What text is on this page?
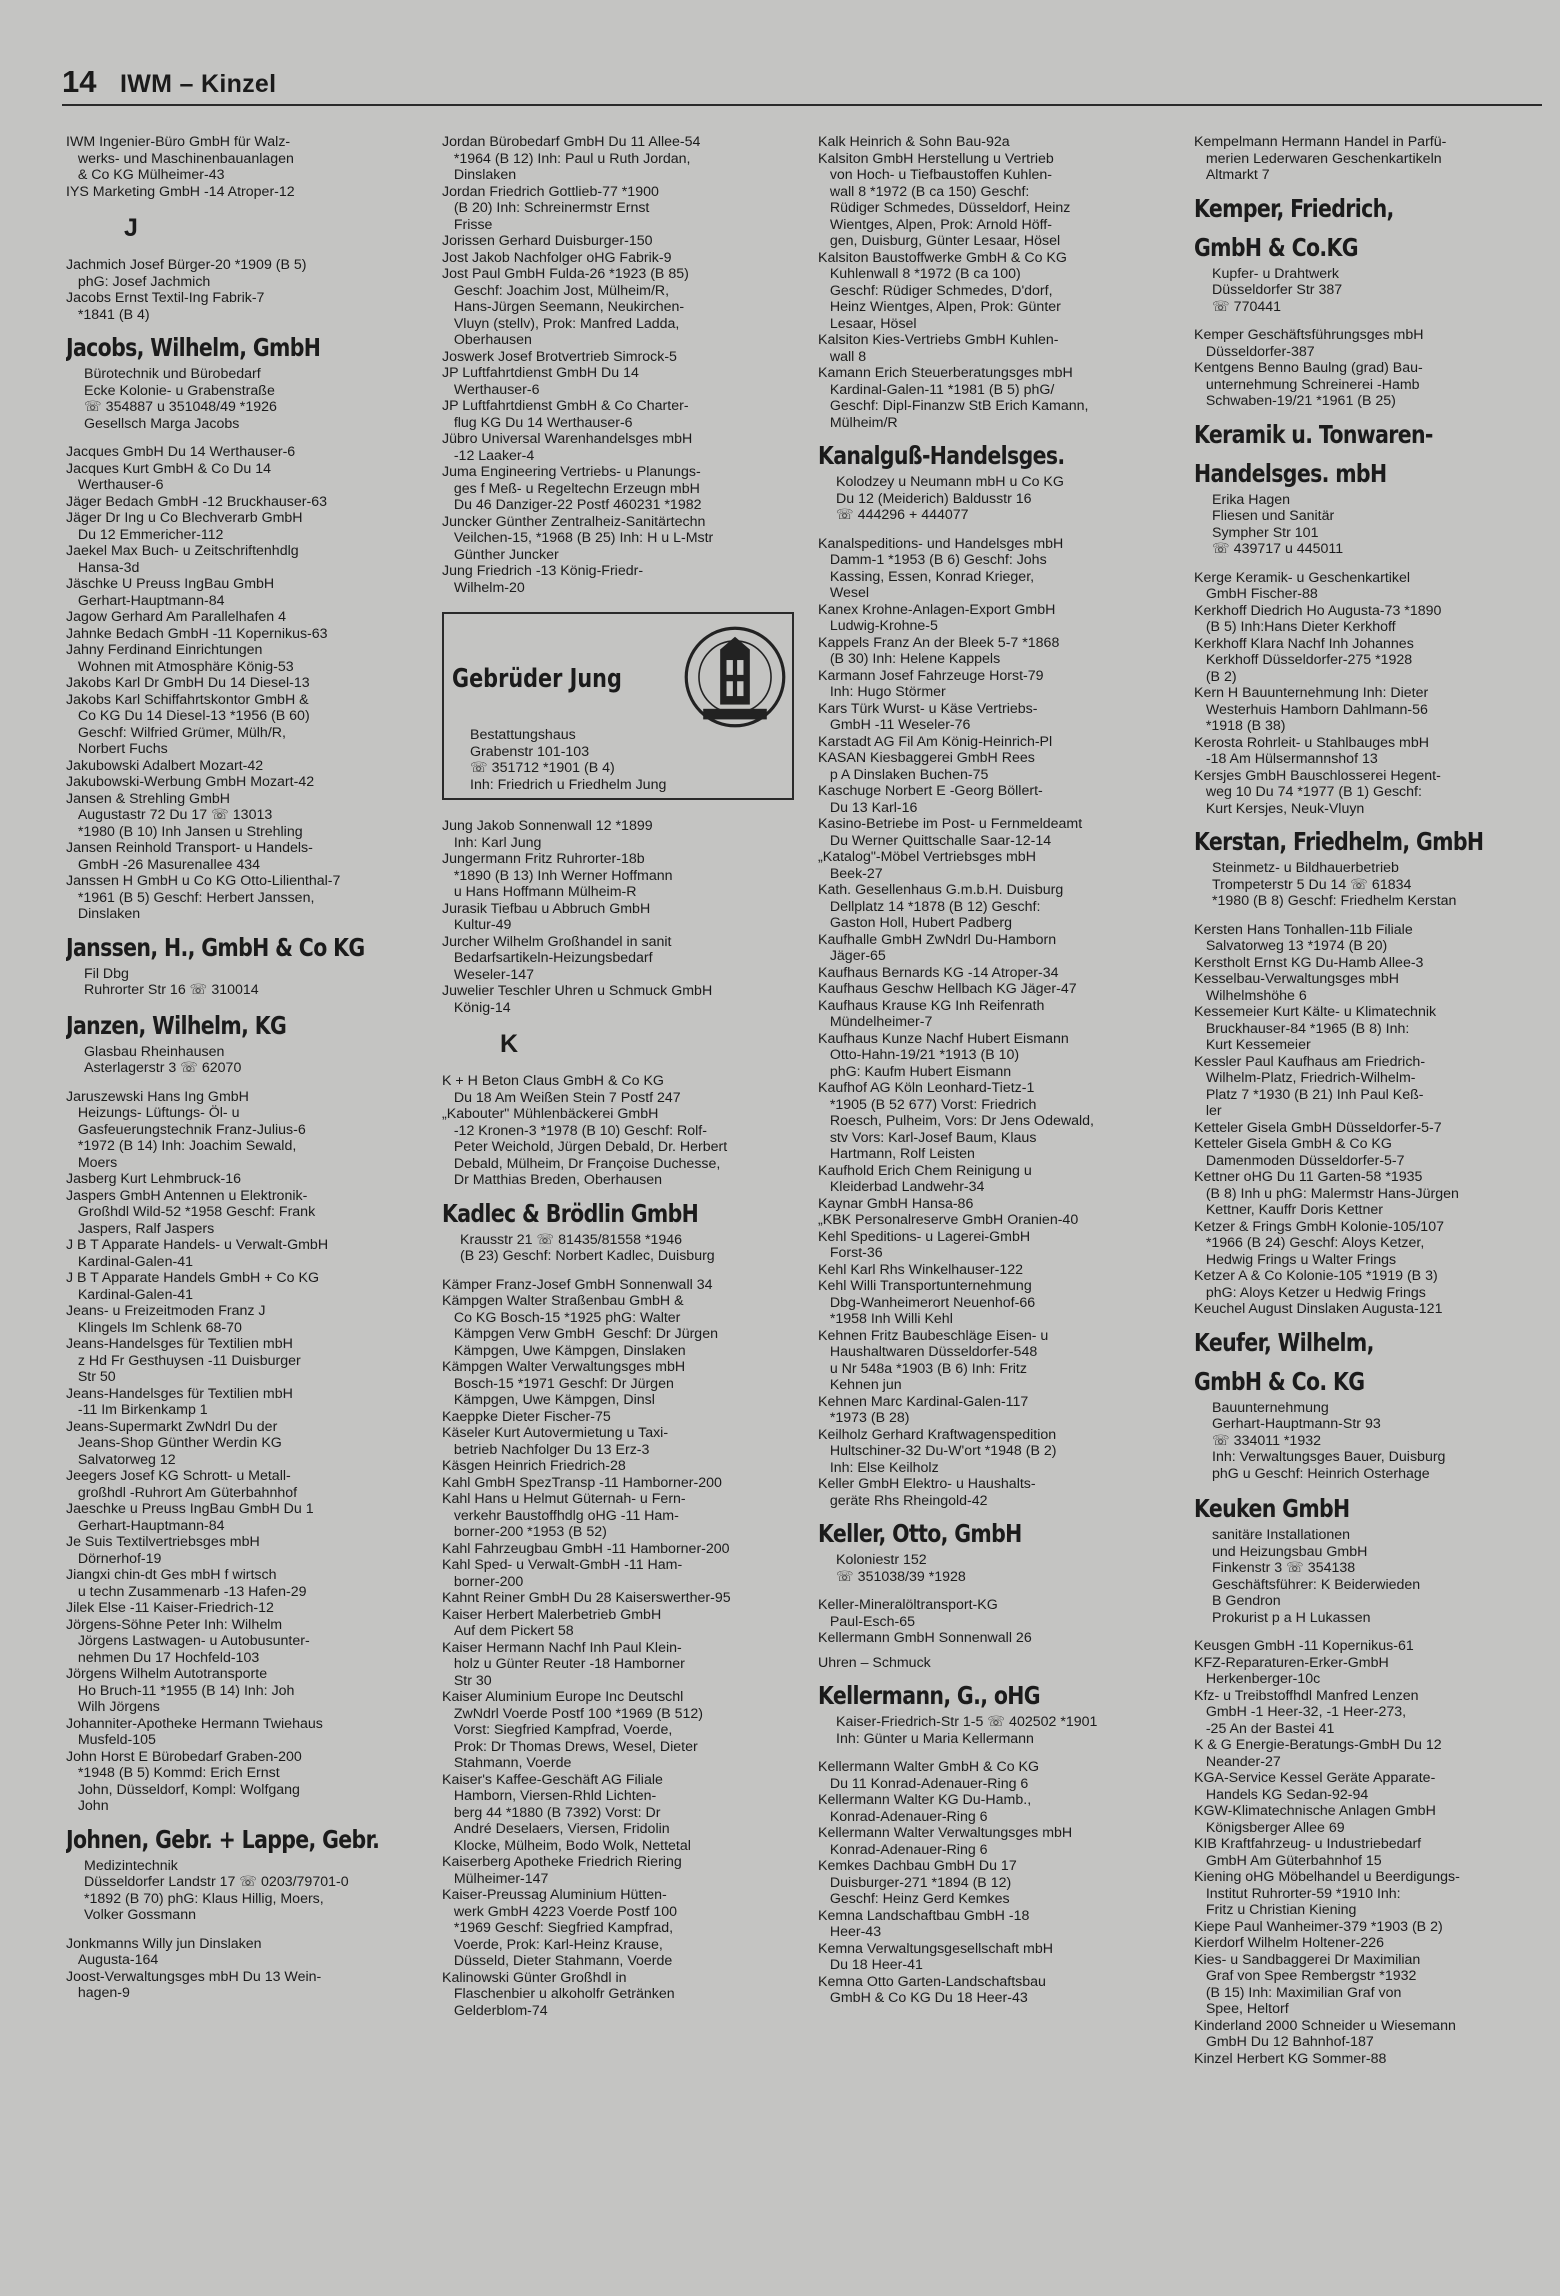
14 IWM – Kinzel
IWM Ingenier-Büro GmbH für Walz-
werks- und Maschinenbauanlagen
& Co KG Mülheimer-43
IYS Marketing GmbH -14 Atroper-12
J
Jachmich Josef Bürger-20 *1909 (B 5)
phG: Josef Jachmich
Jacobs Ernst Textil-Ing Fabrik-7
*1841 (B 4)
Jacobs, Wilhelm, GmbH
Bürotechnik und Bürobedarf
Ecke Kolonie- u Grabenstraße
☏ 354887 u 351048/49 *1926
Gesellsch Marga Jacobs
Jacques GmbH Du 14 Werthauser-6
Jacques Kurt GmbH & Co Du 14
Werthauser-6
Jäger Bedach GmbH -12 Bruckhauser-63
Jäger Dr Ing u Co Blechverarb GmbH
Du 12 Emmericher-112
Jaekel Max Buch- u Zeitschriftenhdlg
Hansa-3d
Jäschke U Preuss IngBau GmbH
Gerhart-Hauptmann-84
Jagow Gerhard Am Parallelhafen 4
Jahnke Bedach GmbH -11 Kopernikus-63
Jahny Ferdinand Einrichtungen
Wohnen mit Atmosphäre König-53
Jakobs Karl Dr GmbH Du 14 Diesel-13
Jakobs Karl Schiffahrtskontor GmbH &
Co KG Du 14 Diesel-13 *1956 (B 60)
Geschf: Wilfried Grümer, Mülh/R,
Norbert Fuchs
Jakubowski Adalbert Mozart-42
Jakubowski-Werbung GmbH Mozart-42
Jansen & Strehling GmbH
Augustastr 72 Du 17 ☏ 13013
*1980 (B 10) Inh Jansen u Strehling
Jansen Reinhold Transport- u Handels-
GmbH -26 Masurenallee 434
Janssen H GmbH u Co KG Otto-Lilienthal-7
*1961 (B 5) Geschf: Herbert Janssen,
Dinslaken
Janssen, H., GmbH & Co KG
Fil Dbg
Ruhrorter Str 16 ☏ 310014
Janzen, Wilhelm, KG
Glasbau Rheinhausen
Asterlagerstr 3 ☏ 62070
Jaruszewski Hans Ing GmbH
Heizungs- Lüftungs- Öl- u
Gasfeuerungstechnik Franz-Julius-6
*1972 (B 14) Inh: Joachim Sewald,
Moers
Jasberg Kurt Lehmbruck-16
Jaspers GmbH Antennen u Elektronik-
Großhdl Wild-52 *1958 Geschf: Frank
Jaspers, Ralf Jaspers
J B T Apparate Handels- u Verwalt-GmbH
Kardinal-Galen-41
J B T Apparate Handels GmbH + Co KG
Kardinal-Galen-41
Jeans- u Freizeitmoden Franz J
Klingels Im Schlenk 68-70
Jeans-Handelsges für Textilien mbH
z Hd Fr Gesthuysen -11 Duisburger
Str 50
Jeans-Handelsges für Textilien mbH
-11 Im Birkenkamp 1
Jeans-Supermarkt ZwNdrl Du der
Jeans-Shop Günther Werdin KG
Salvatorweg 12
Jeegers Josef KG Schrott- u Metall-
großhdl -Ruhrort Am Güterbahnhof
Jaeschke u Preuss IngBau GmbH Du 1
Gerhart-Hauptmann-84
Je Suis Textilvertriebsges mbH
Dörnerhof-19
Jiangxi chin-dt Ges mbH f wirtsch
u techn Zusammenarb -13 Hafen-29
Jilek Else -11 Kaiser-Friedrich-12
Jörgens-Söhne Peter Inh: Wilhelm
Jörgens Lastwagen- u Autobusunter-
nehmen Du 17 Hochfeld-103
Jörgens Wilhelm Autotransporte
Ho Bruch-11 *1955 (B 14) Inh: Joh
Wilh Jörgens
Johanniter-Apotheke Hermann Twiehaus
Musfeld-105
John Horst E Bürobedarf Graben-200
*1948 (B 5) Kommd: Erich Ernst
John, Düsseldorf, Kompl: Wolfgang
John
Johnen, Gebr. + Lappe, Gebr.
Medizintechnik
Düsseldorfer Landstr 17 ☏ 0203/79701-0
*1892 (B 70) phG: Klaus Hillig, Moers,
Volker Gossmann
Jonkmanns Willy jun Dinslaken
Augusta-164
Joost-Verwaltungsges mbH Du 13 Wein-
hagen-9
Jordan Bürobedarf GmbH Du 11 Allee-54
*1964 (B 12) Inh: Paul u Ruth Jordan,
Dinslaken
Jordan Friedrich Gottlieb-77 *1900
(B 20) Inh: Schreinermstr Ernst
Frisse
Jorissen Gerhard Duisburger-150
Jost Jakob Nachfolger oHG Fabrik-9
Jost Paul GmbH Fulda-26 *1923 (B 85)
Geschf: Joachim Jost, Mülheim/R,
Hans-Jürgen Seemann, Neukirchen-
Vluyn (stellv), Prok: Manfred Ladda,
Oberhausen
Joswerk Josef Brotvertrieb Simrock-5
JP Luftfahrtdienst GmbH Du 14
Werthauser-6
JP Luftfahrtdienst GmbH & Co Charter-
flug KG Du 14 Werthauser-6
Jübro Universal Warenhandelsges mbH
-12 Laaker-4
Juma Engineering Vertriebs- u Planungs-
ges f Meß- u Regeltechn Erzeugn mbH
Du 46 Danziger-22 Postf 460231 *1982
Juncker Günther Zentralheiz-Sanitärtechn
Veilchen-15, *1968 (B 25) Inh: H u L-Mstr
Günther Juncker
Jung Friedrich -13 König-Friedr-
Wilhelm-20
Gebrüder Jung
Bestattungshaus
Grabenstr 101-103
☏ 351712 *1901 (B 4)
Inh: Friedrich u Friedhelm Jung
Jung Jakob Sonnenwall 12 *1899
Inh: Karl Jung
Jungermann Fritz Ruhrorter-18b
*1890 (B 13) Inh Werner Hoffmann
u Hans Hoffmann Mülheim-R
Jurasik Tiefbau u Abbruch GmbH
Kultur-49
Jurcher Wilhelm Großhandel in sanit
Bedarfsartikeln-Heizungsbedarf
Weseler-147
Juwelier Teschler Uhren u Schmuck GmbH
König-14
K
K + H Beton Claus GmbH & Co KG
Du 18 Am Weißen Stein 7 Postf 247
„Kabouter" Mühlenbäckerei GmbH
-12 Kronen-3 *1978 (B 10) Geschf: Rolf-
Peter Weichold, Jürgen Debald, Dr. Herbert
Debald, Mülheim, Dr Françoise Duchesse,
Dr Matthias Breden, Oberhausen
Kadlec & Brödlin GmbH
Krausstr 21 ☏ 81435/81558 *1946
(B 23) Geschf: Norbert Kadlec, Duisburg
Kämper Franz-Josef GmbH Sonnenwall 34
Kämpgen Walter Straßenbau GmbH &
Co KG Bosch-15 *1925 phG: Walter
Kämpgen Verw GmbH  Geschf: Dr Jürgen
Kämpgen, Uwe Kämpgen, Dinslaken
Kämpgen Walter Verwaltungsges mbH
Bosch-15 *1971 Geschf: Dr Jürgen
Kämpgen, Uwe Kämpgen, Dinsl
Kaeppke Dieter Fischer-75
Käseler Kurt Autovermietung u Taxi-
betrieb Nachfolger Du 13 Erz-3
Käsgen Heinrich Friedrich-28
Kahl GmbH SpezTransp -11 Hamborner-200
Kahl Hans u Helmut Güternah- u Fern-
verkehr Baustoffhdlg oHG -11 Ham-
borner-200 *1953 (B 52)
Kahl Fahrzeugbau GmbH -11 Hamborner-200
Kahl Sped- u Verwalt-GmbH -11 Ham-
borner-200
Kahnt Reiner GmbH Du 28 Kaiserswerther-95
Kaiser Herbert Malerbetrieb GmbH
Auf dem Pickert 58
Kaiser Hermann Nachf Inh Paul Klein-
holz u Günter Reuter -18 Hamborner
Str 30
Kaiser Aluminium Europe Inc Deutschl
ZwNdrl Voerde Postf 100 *1969 (B 512)
Vorst: Siegfried Kampfrad, Voerde,
Prok: Dr Thomas Drews, Wesel, Dieter
Stahmann, Voerde
Kaiser's Kaffee-Geschäft AG Filiale
Hamborn, Viersen-Rhld Lichten-
berg 44 *1880 (B 7392) Vorst: Dr
André Deselaers, Viersen, Fridolin
Klocke, Mülheim, Bodo Wolk, Nettetal
Kaiserberg Apotheke Friedrich Riering
Mülheimer-147
Kaiser-Preussag Aluminium Hütten-
werk GmbH 4223 Voerde Postf 100
*1969 Geschf: Siegfried Kampfrad,
Voerde, Prok: Karl-Heinz Krause,
Düsseld, Dieter Stahmann, Voerde
Kalinowski Günter Großhdl in
Flaschenbier u alkoholfr Getränken
Gelderblom-74
Kalk Heinrich & Sohn Bau-92a
Kalsiton GmbH Herstellung u Vertrieb
von Hoch- u Tiefbaustoffen Kuhlen-
wall 8 *1972 (B ca 150) Geschf:
Rüdiger Schmedes, Düsseldorf, Heinz
Wientges, Alpen, Prok: Arnold Höff-
gen, Duisburg, Günter Lesaar, Hösel
Kalsiton Baustoffwerke GmbH & Co KG
Kuhlenwall 8 *1972 (B ca 100)
Geschf: Rüdiger Schmedes, D'dorf,
Heinz Wientges, Alpen, Prok: Günter
Lesaar, Hösel
Kalsiton Kies-Vertriebs GmbH Kuhlen-
wall 8
Kamann Erich Steuerberatungsges mbH
Kardinal-Galen-11 *1981 (B 5) phG/
Geschf: Dipl-Finanzw StB Erich Kamann,
Mülheim/R
Kanalguß-Handelsges.
Kolodzey u Neumann mbH u Co KG
Du 12 (Meiderich) Baldusstr 16
☏ 444296 + 444077
Kanalspeditions- und Handelsges mbH
Damm-1 *1953 (B 6) Geschf: Johs
Kassing, Essen, Konrad Krieger,
Wesel
Kanex Krohne-Anlagen-Export GmbH
Ludwig-Krohne-5
Kappels Franz An der Bleek 5-7 *1868
(B 30) Inh: Helene Kappels
Karmann Josef Fahrzeuge Horst-79
Inh: Hugo Störmer
Kars Türk Wurst- u Käse Vertriebs-
GmbH -11 Weseler-76
Karstadt AG Fil Am König-Heinrich-Pl
KASAN Kiesbaggerei GmbH Rees
p A Dinslaken Buchen-75
Kaschuge Norbert E -Georg Böllert-
Du 13 Karl-16
Kasino-Betriebe im Post- u Fernmeldeamt
Du Werner Quittschalle Saar-12-14
„Katalog"-Möbel Vertriebsges mbH
Beek-27
Kath. Gesellenhaus G.m.b.H. Duisburg
Dellplatz 14 *1878 (B 12) Geschf:
Gaston Holl, Hubert Padberg
Kaufhalle GmbH ZwNdrl Du-Hamborn
Jäger-65
Kaufhaus Bernards KG -14 Atroper-34
Kaufhaus Geschw Hellbach KG Jäger-47
Kaufhaus Krause KG Inh Reifenrath
Mündelheimer-7
Kaufhaus Kunze Nachf Hubert Eismann
Otto-Hahn-19/21 *1913 (B 10)
phG: Kaufm Hubert Eismann
Kaufhof AG Köln Leonhard-Tietz-1
*1905 (B 52 677) Vorst: Friedrich
Roesch, Pulheim, Vors: Dr Jens Odewald,
stv Vors: Karl-Josef Baum, Klaus
Hartmann, Rolf Leisten
Kaufhold Erich Chem Reinigung u
Kleiderbad Landwehr-34
Kaynar GmbH Hansa-86
„KBK Personalreserve GmbH Oranien-40
Kehl Speditions- u Lagerei-GmbH
Forst-36
Kehl Karl Rhs Winkelhauser-122
Kehl Willi Transportunternehmung
Dbg-Wanheimerort Neuenhof-66
*1958 Inh Willi Kehl
Kehnen Fritz Baubeschläge Eisen- u
Haushaltwaren Düsseldorfer-548
u Nr 548a *1903 (B 6) Inh: Fritz
Kehnen jun
Kehnen Marc Kardinal-Galen-117
*1973 (B 28)
Keilholz Gerhard Kraftwagenspedition
Hultschiner-32 Du-W'ort *1948 (B 2)
Inh: Else Keilholz
Keller GmbH Elektro- u Haushalts-
geräte Rhs Rheingold-42
Keller, Otto, GmbH
Koloniestr 152
☏ 351038/39 *1928
Keller-Mineralöltransport-KG
Paul-Esch-65
Kellermann GmbH Sonnenwall 26
Uhren – Schmuck
Kellermann, G., oHG
Kaiser-Friedrich-Str 1-5 ☏ 402502 *1901
Inh: Günter u Maria Kellermann
Kellermann Walter GmbH & Co KG
Du 11 Konrad-Adenauer-Ring 6
Kellermann Walter KG Du-Hamb.,
Konrad-Adenauer-Ring 6
Kellermann Walter Verwaltungsges mbH
Konrad-Adenauer-Ring 6
Kemkes Dachbau GmbH Du 17
Duisburger-271 *1894 (B 12)
Geschf: Heinz Gerd Kemkes
Kemna Landschaftbau GmbH -18
Heer-43
Kemna Verwaltungsgesellschaft mbH
Du 18 Heer-41
Kemna Otto Garten-Landschaftsbau
GmbH & Co KG Du 18 Heer-43
Kempelmann Hermann Handel in Parfü-
merien Lederwaren Geschenkartikeln
Altmarkt 7
Kemper, Friedrich,
GmbH & Co.KG
Kupfer- u Drahtwerk
Düsseldorfer Str 387
☏ 770441
Kemper Geschäftsführungsges mbH
Düsseldorfer-387
Kentgens Benno Baulng (grad) Bau-
unternehmung Schreinerei -Hamb
Schwaben-19/21 *1961 (B 25)
Keramik u. Tonwaren-
Handelsges. mbH
Erika Hagen
Fliesen und Sanitär
Sympher Str 101
☏ 439717 u 445011
Kerge Keramik- u Geschenkartikel
GmbH Fischer-88
Kerkhoff Diedrich Ho Augusta-73 *1890
(B 5) Inh:Hans Dieter Kerkhoff
Kerkhoff Klara Nachf Inh Johannes
Kerkhoff Düsseldorfer-275 *1928
(B 2)
Kern H Bauunternehmung Inh: Dieter
Westerhuis Hamborn Dahlmann-56
*1918 (B 38)
Kerosta Rohrleit- u Stahlbauges mbH
-18 Am Hülsermannshof 13
Kersjes GmbH Bauschlosserei Hegent-
weg 10 Du 74 *1977 (B 1) Geschf:
Kurt Kersjes, Neuk-Vluyn
Kerstan, Friedhelm, GmbH
Steinmetz- u Bildhauerbetrieb
Trompeterstr 5 Du 14 ☏ 61834
*1980 (B 8) Geschf: Friedhelm Kerstan
Kersten Hans Tonhallen-11b Filiale
Salvatorweg 13 *1974 (B 20)
Kerstholt Ernst KG Du-Hamb Allee-3
Kesselbau-Verwaltungsges mbH
Wilhelmshöhe 6
Kessemeier Kurt Kälte- u Klimatechnik
Bruckhauser-84 *1965 (B 8) Inh:
Kurt Kessemeier
Kessler Paul Kaufhaus am Friedrich-
Wilhelm-Platz, Friedrich-Wilhelm-
Platz 7 *1930 (B 21) Inh Paul Keß-
ler
Ketteler Gisela GmbH Düsseldorfer-5-7
Ketteler Gisela GmbH & Co KG
Damenmoden Düsseldorfer-5-7
Kettner oHG Du 11 Garten-58 *1935
(B 8) Inh u phG: Malermstr Hans-Jürgen
Kettner, Kauffr Doris Kettner
Ketzer & Frings GmbH Kolonie-105/107
*1966 (B 24) Geschf: Aloys Ketzer,
Hedwig Frings u Walter Frings
Ketzer A & Co Kolonie-105 *1919 (B 3)
phG: Aloys Ketzer u Hedwig Frings
Keuchel August Dinslaken Augusta-121
Keufer, Wilhelm,
GmbH & Co. KG
Bauunternehmung
Gerhart-Hauptmann-Str 93
☏ 334011 *1932
Inh: Verwaltungsges Bauer, Duisburg
phG u Geschf: Heinrich Osterhage
Keuken GmbH
sanitäre Installationen
und Heizungsbau GmbH
Finkenstr 3 ☏ 354138
Geschäftsführer: K Beiderwieden
B Gendron
Prokurist p a H Lukassen
Keusgen GmbH -11 Kopernikus-61
KFZ-Reparaturen-Erker-GmbH
Herkenberger-10c
Kfz- u Treibstoffhdl Manfred Lenzen
GmbH -1 Heer-32, -1 Heer-273,
-25 An der Bastei 41
K & G Energie-Beratungs-GmbH Du 12
Neander-27
KGA-Service Kessel Geräte Apparate-
Handels KG Sedan-92-94
KGW-Klimatechnische Anlagen GmbH
Königsberger Allee 69
KIB Kraftfahrzeug- u Industriebedarf
GmbH Am Güterbahnhof 15
Kiening oHG Möbelhandel u Beerdigungs-
Institut Ruhrorter-59 *1910 Inh:
Fritz u Christian Kiening
Kiepe Paul Wanheimer-379 *1903 (B 2)
Kierdorf Wilhelm Holtener-226
Kies- u Sandbaggerei Dr Maximilian
Graf von Spee Rembergstr *1932
(B 15) Inh: Maximilian Graf von
Spee, Heltorf
Kinderland 2000 Schneider u Wiesemann
GmbH Du 12 Bahnhof-187
Kinzel Herbert KG Sommer-88
